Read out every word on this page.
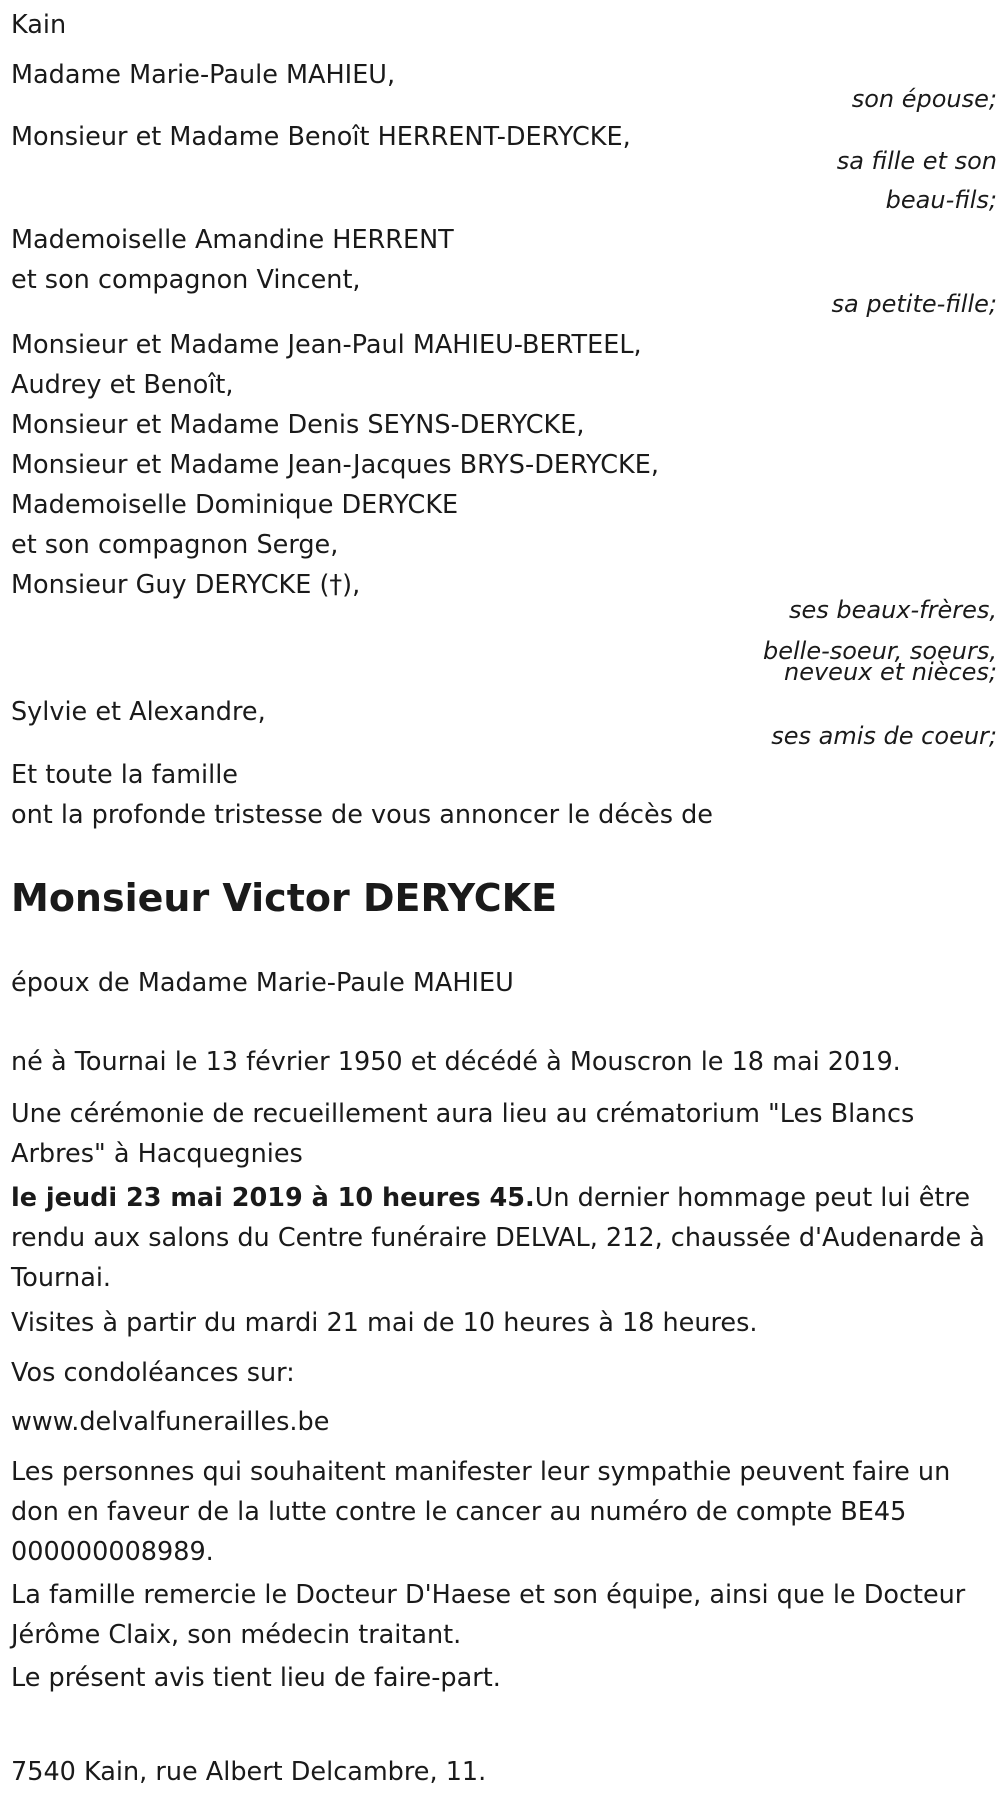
Kain
Madame Marie-Paule MAHIEU,
son épouse;
Monsieur et Madame Benoît HERRENT-DERYCKE,
sa fille et son
beau-fils;
Mademoiselle Amandine HERRENT
et son compagnon Vincent,
sa petite-fille;
Monsieur et Madame Jean-Paul MAHIEU-BERTEEL,
Audrey et Benoît,
Monsieur et Madame Denis SEYNS-DERYCKE,
Monsieur et Madame Jean-Jacques BRYS-DERYCKE,
Mademoiselle Dominique DERYCKE
et son compagnon Serge,
Monsieur Guy DERYCKE (†),
ses beaux-frères,
belle-soeur, soeurs,
neveux et nièces;
Sylvie et Alexandre,
ses amis de coeur;
Et toute la famille
ont la profonde tristesse de vous annoncer le décès de
Monsieur Victor DERYCKE
époux de Madame Marie-Paule MAHIEU
né à Tournai le 13 février 1950 et décédé à Mouscron le 18 mai 2019.
Une cérémonie de recueillement aura lieu au crématorium "Les Blancs Arbres" à Hacquegnies
le jeudi 23 mai 2019 à 10 heures 45.Un dernier hommage peut lui être rendu aux salons du Centre funéraire DELVAL, 212, chaussée d'Audenarde à Tournai.
Visites à partir du mardi 21 mai de 10 heures à 18 heures.
Vos condoléances sur:
www.delvalfunerailles.be
Les personnes qui souhaitent manifester leur sympathie peuvent faire un don en faveur de la lutte contre le cancer au numéro de compte BE45 000000008989.
La famille remercie le Docteur D'Haese et son équipe, ainsi que le Docteur Jérôme Claix, son médecin traitant.
Le présent avis tient lieu de faire-part.
7540 Kain, rue Albert Delcambre, 11.
